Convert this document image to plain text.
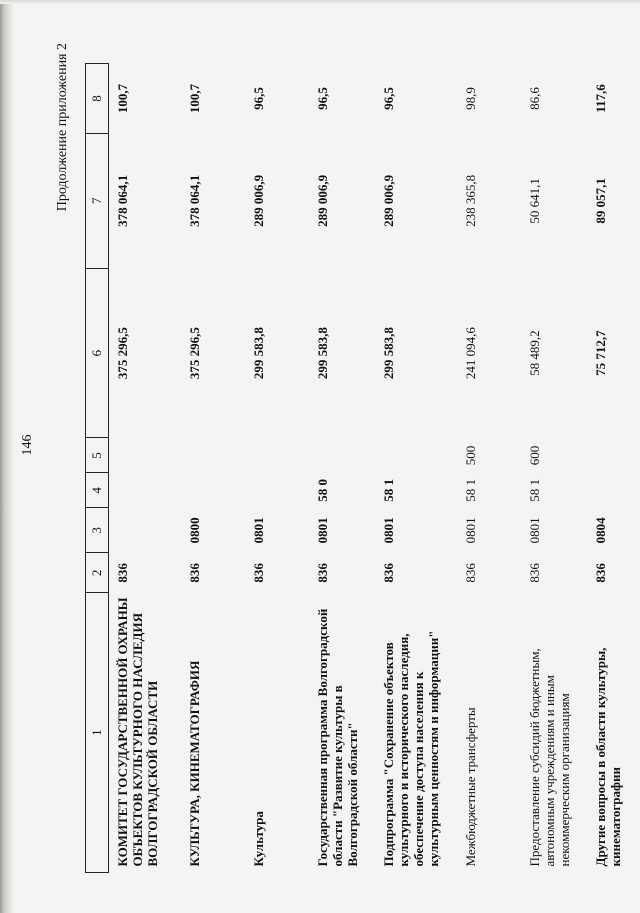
146
Продолжение приложения 2
1	2	3	4	5	6	7	8
КОМИТЕТ ГОСУДАРСТВЕННОЙ ОХРАНЫ ОБЪЕКТОВ КУЛЬТУРНОГО НАСЛЕДИЯ ВОЛГОГРАДСКОЙ ОБЛАСТИ	836				375 296,5	378 064,1	100,7
КУЛЬТУРА, КИНЕМАТОГРАФИЯ	836	0800			375 296,5	378 064,1	100,7
Культура	836	0801			299 583,8	289 006,9	96,5
Государственная программа Волгоградской области "Развитие культуры в Волгоградской области"	836	0801	58 0		299 583,8	289 006,9	96,5
Подпрограмма "Сохранение объектов культурного и исторического наследия, обеспечение доступа населения к культурным ценностям и информации"	836	0801	58 1		299 583,8	289 006,9	96,5
Межбюджетные трансферты	836	0801	58 1	500	241 094,6	238 365,8	98,9
Предоставление субсидий бюджетным, автономным учреждениям и иным некоммерческим организациям	836	0801	58 1	600	58 489,2	50 641,1	86,6
Другие вопросы в области культуры, кинематографии	836	0804			75 712,7	89 057,1	117,6
